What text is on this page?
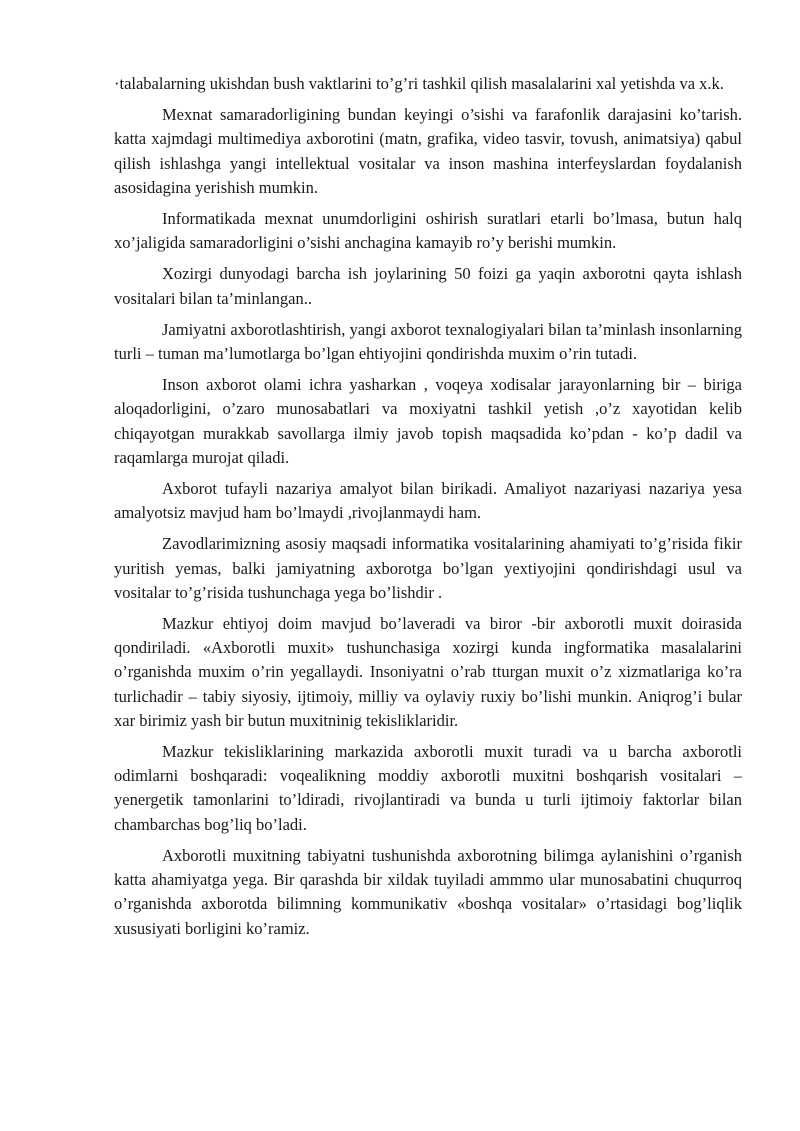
·talabalarning ukishdan bush vaktlarini to’g’ri tashkil qilish masalalarini xal yetishda va x.k.

Mexnat samaradorligining bundan keyingi o’sishi va farafonlik darajasini ko’tarish. katta xajmdagi multimediya axborotini (matn, grafika, video tasvir, tovush, animatsiya) qabul qilish ishlashga yangi intellektual vositalar va inson mashina interfeyslardan foydalanish asosidagina yerishish mumkin.

Informatikada mexnat unumdorligini oshirish suratlari etarli bo’lmasa, butun halq xo’jaligida samaradorligini o’sishi anchagina kamayib ro’y berishi mumkin.

Xozirgi dunyodagi barcha ish joylarining 50 foizi ga yaqin axborotni qayta ishlash vositalari bilan ta’minlangan..

Jamiyatni axborotlashtirish, yangi axborot texnalogiyalari bilan ta’minlash insonlarning turli – tuman ma’lumotlarga bo’lgan ehtiyojini qondirishda muxim o’rin tutadi.

Inson axborot olami ichra yasharkan , voqeya xodisalar jarayonlarning bir – biriga aloqadorligini, o’zaro munosabatlari va moxiyatni tashkil yetish ,o’z xayotidan kelib chiqayotgan murakkab savollarga ilmiy javob topish maqsadida ko’pdan - ko’p dadil va raqamlarga murojat qiladi.

Axborot tufayli nazariya amalyot bilan birikadi. Amaliyot nazariyasi nazariya yesa amalyotsiz mavjud ham bo’lmaydi ,rivojlanmaydi ham.

Zavodlarimizning asosiy maqsadi informatika vositalarining ahamiyati to’g’risida fikir yuritish yemas, balki jamiyatning axborotga bo’lgan yextiyojini qondirishdagi usul va vositalar to’g’risida tushunchaga yega bo’lishdir .

Mazkur ehtiyoj doim mavjud bo’laveradi va biror -bir axborotli muxit doirasida qondiriladi. «Axborotli muxit» tushunchasiga xozirgi kunda ingformatika masalalarini o’rganishda muxim o’rin yegallaydi. Insoniyatni o’rab tturgan muxit o’z xizmatlariga ko’ra turlichadir – tabiy siyosiy, ijtimoiy, milliy va oylaviy ruxiy bo’lishi munkin. Aniqrog’i bular xar birimiz yash bir butun muxitninig tekisliklaridir.

Mazkur tekisliklarining markazida axborotli muxit turadi va u barcha axborotli odimlarni boshqaradi: voqealikning moddiy axborotli muxitni boshqarish vositalari – yenergetik tamonlarini to’ldiradi, rivojlantiradi va bunda u turli ijtimoiy faktorlar bilan chambarchas bog’liq bo’ladi.

Axborotli muxitning tabiyatni tushunishda axborotning bilimga aylanishini o’rganish katta ahamiyatga yega. Bir qarashda bir xildak tuyiladi ammmo ular munosabatini chuqurroq o’rganishda axborotda bilimning kommunikativ «boshqa vositalar» o’rtasidagi bog’liqlik xususiyati borligini ko’ramiz.
